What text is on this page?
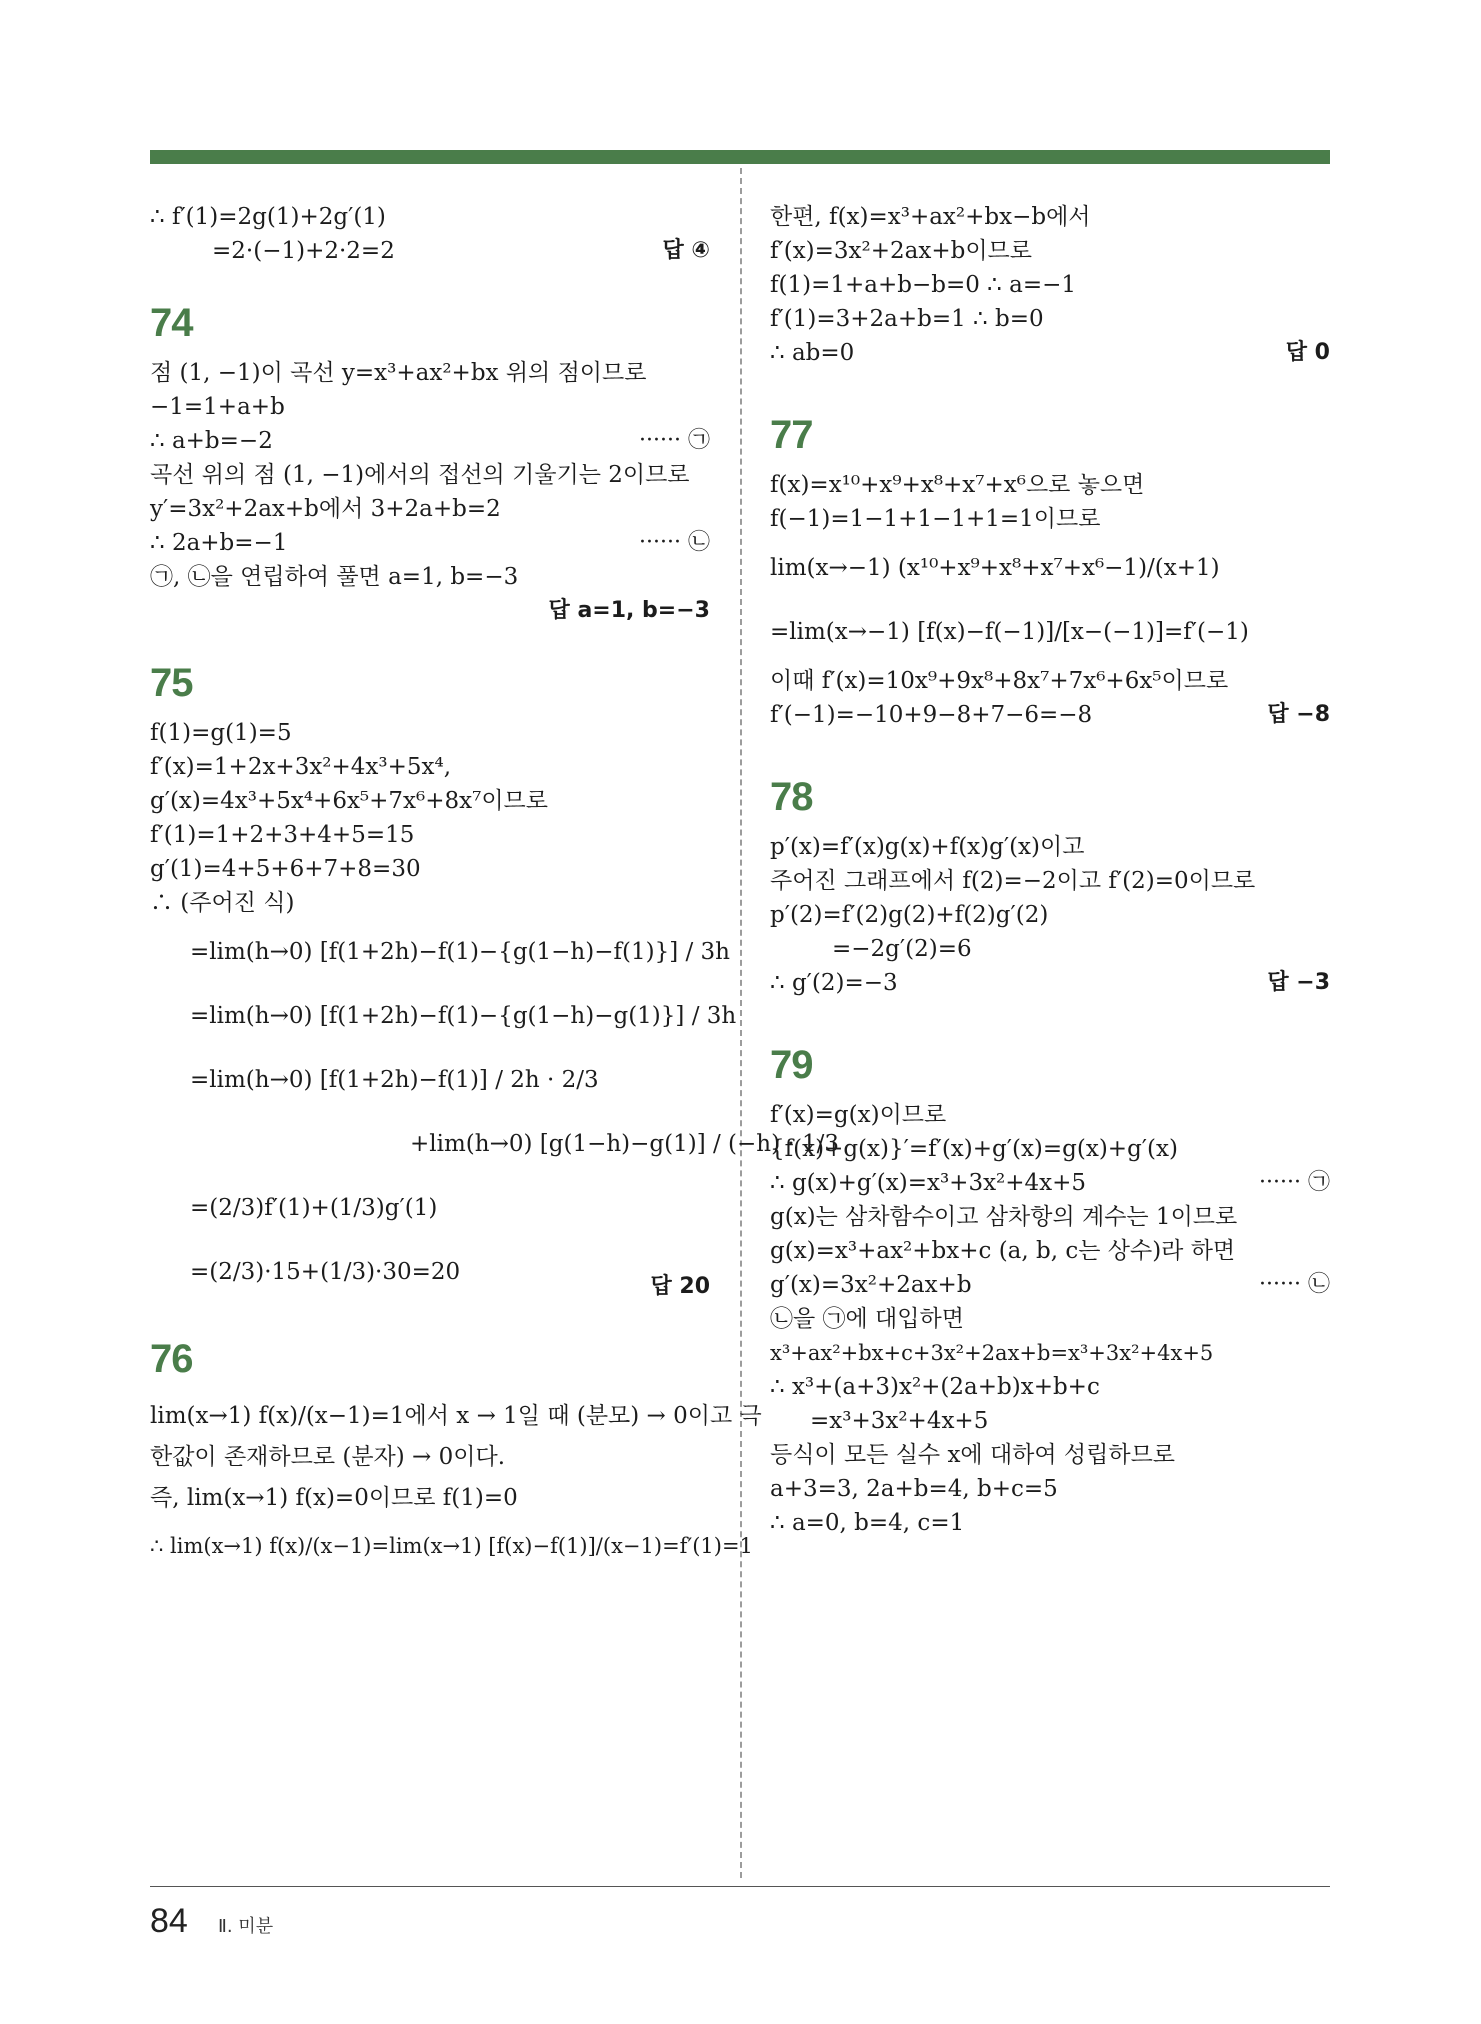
∴ f′(1)=2g(1)+2g′(1)
=2·(−1)+2·2=2	답 ④
74
점 (1, −1)이 곡선 y=x³+ax²+bx 위의 점이므로
−1=1+a+b
∴ a+b=−2	······ ㉠
곡선 위의 점 (1, −1)에서의 접선의 기울기는 2이므로
y′=3x²+2ax+b에서 3+2a+b=2
∴ 2a+b=−1	······ ㉡
㉠, ㉡을 연립하여 풀면 a=1, b=−3
답 a=1, b=−3
75
f(1)=g(1)=5
f′(x)=1+2x+3x²+4x³+5x⁴,
g′(x)=4x³+5x⁴+6x⁵+7x⁶+8x⁷이므로
f′(1)=1+2+3+4+5=15
g′(1)=4+5+6+7+8=30
∴ (주어진 식)
=lim(h→0) [f(1+2h)−f(1)−{g(1−h)−f(1)}] / 3h
=lim(h→0) [f(1+2h)−f(1)−{g(1−h)−g(1)}] / 3h
=lim(h→0) [f(1+2h)−f(1)] / 2h · 2/3
+lim(h→0) [g(1−h)−g(1)] / (−h) · 1/3
=(2/3)f′(1)+(1/3)g′(1)
=(2/3)·15+(1/3)·30=20
답 20
76
lim(x→1) f(x)/(x−1)=1에서 x → 1일 때 (분모) → 0이고 극
한값이 존재하므로 (분자) → 0이다.
즉, lim(x→1) f(x)=0이므로 f(1)=0
∴ lim(x→1) f(x)/(x−1)=lim(x→1) [f(x)−f(1)]/(x−1)=f′(1)=1
한편, f(x)=x³+ax²+bx−b에서
f′(x)=3x²+2ax+b이므로
f(1)=1+a+b−b=0 ∴ a=−1
f′(1)=3+2a+b=1 ∴ b=0
∴ ab=0	답 0
77
f(x)=x¹⁰+x⁹+x⁸+x⁷+x⁶으로 놓으면
f(−1)=1−1+1−1+1=1이므로
lim(x→−1) (x¹⁰+x⁹+x⁸+x⁷+x⁶−1)/(x+1)
=lim(x→−1) [f(x)−f(−1)]/[x−(−1)]=f′(−1)
이때 f′(x)=10x⁹+9x⁸+8x⁷+7x⁶+6x⁵이므로
f′(−1)=−10+9−8+7−6=−8	답 −8
78
p′(x)=f′(x)g(x)+f(x)g′(x)이고
주어진 그래프에서 f(2)=−2이고 f′(2)=0이므로
p′(2)=f′(2)g(2)+f(2)g′(2)
=−2g′(2)=6
∴ g′(2)=−3	답 −3
79
f′(x)=g(x)이므로
{f(x)+g(x)}′=f′(x)+g′(x)=g(x)+g′(x)
∴ g(x)+g′(x)=x³+3x²+4x+5	······ ㉠
g(x)는 삼차함수이고 삼차항의 계수는 1이므로
g(x)=x³+ax²+bx+c (a, b, c는 상수)라 하면
g′(x)=3x²+2ax+b	······ ㉡
㉡을 ㉠에 대입하면
x³+ax²+bx+c+3x²+2ax+b=x³+3x²+4x+5
∴ x³+(a+3)x²+(2a+b)x+b+c
=x³+3x²+4x+5
등식이 모든 실수 x에 대하여 성립하므로
a+3=3, 2a+b=4, b+c=5
∴ a=0, b=4, c=1
84 Ⅱ. 미분
